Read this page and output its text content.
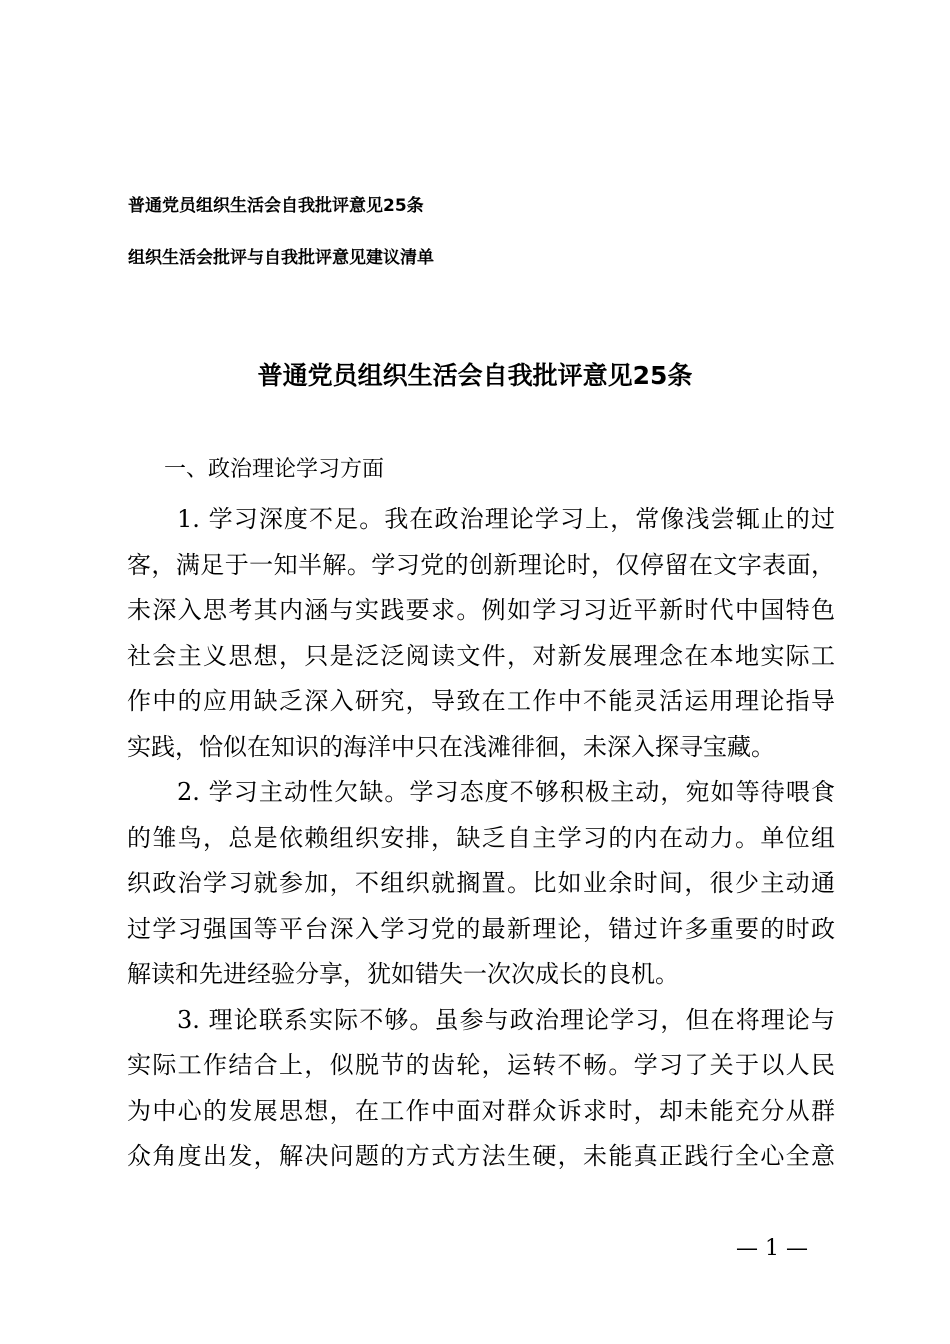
普通党员组织生活会自我批评意见25条
组织生活会批评与自我批评意见建议清单
普通党员组织生活会自我批评意见25条
一、政治理论学习方面
1. 学习深度不足。我在政治理论学习上，常像浅尝辄止的过
客，满足于一知半解。学习党的创新理论时，仅停留在文字表面，
未深入思考其内涵与实践要求。例如学习习近平新时代中国特色
社会主义思想，只是泛泛阅读文件，对新发展理念在本地实际工
作中的应用缺乏深入研究，导致在工作中不能灵活运用理论指导
实践，恰似在知识的海洋中只在浅滩徘徊，未深入探寻宝藏。
2. 学习主动性欠缺。学习态度不够积极主动，宛如等待喂食
的雏鸟，总是依赖组织安排，缺乏自主学习的内在动力。单位组
织政治学习就参加，不组织就搁置。比如业余时间，很少主动通
过学习强国等平台深入学习党的最新理论，错过许多重要的时政
解读和先进经验分享，犹如错失一次次成长的良机。
3. 理论联系实际不够。虽参与政治理论学习，但在将理论与
实际工作结合上，似脱节的齿轮，运转不畅。学习了关于以人民
为中心的发展思想，在工作中面对群众诉求时，却未能充分从群
众角度出发，解决问题的方式方法生硬，未能真正践行全心全意
— 1 —
